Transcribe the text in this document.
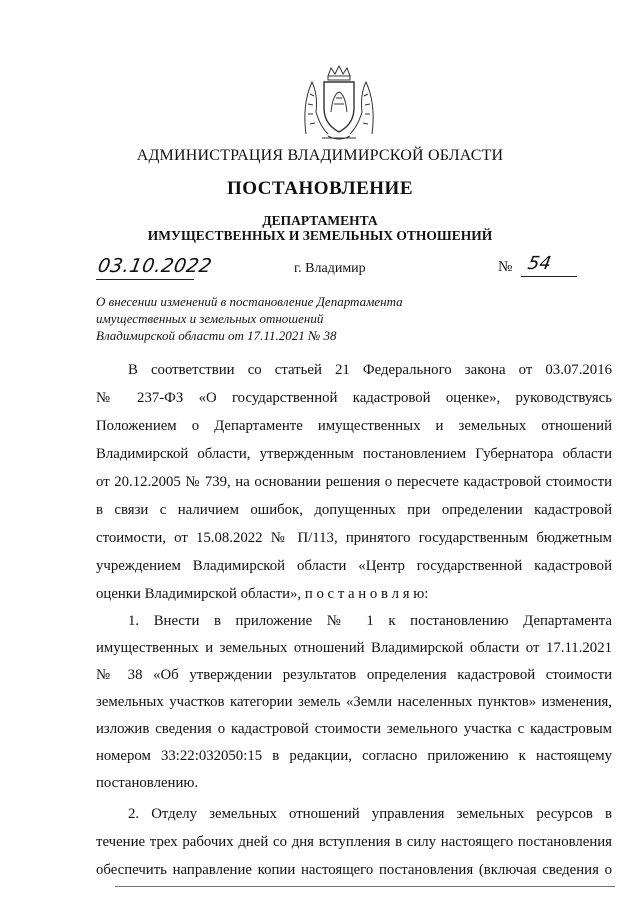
АДМИНИСТРАЦИЯ ВЛАДИМИРСКОЙ ОБЛАСТИ
ПОСТАНОВЛЕНИЕ
ДЕПАРТАМЕНТА
ИМУЩЕСТВЕННЫХ И ЗЕМЕЛЬНЫХ ОТНОШЕНИЙ
03.10.2022	г. Владимир	№ 54
О внесении изменений в постановление Департамента
имущественных и земельных отношений
Владимирской области от 17.11.2021 № 38
В соответствии со статьей 21 Федерального закона от 03.07.2016
№ 237-ФЗ «О государственной кадастровой оценке», руководствуясь
Положением о Департаменте имущественных и земельных отношений
Владимирской области, утвержденным постановлением Губернатора области
от 20.12.2005 № 739, на основании решения о пересчете кадастровой стоимости
в связи с наличием ошибок, допущенных при определении кадастровой
стоимости, от 15.08.2022 № П/113, принятого государственным бюджетным
учреждением Владимирской области «Центр государственной кадастровой
оценки Владимирской области», п о с т а н о в л я ю:
1. Внести в приложение № 1 к постановлению Департамента
имущественных и земельных отношений Владимирской области от 17.11.2021
№ 38 «Об утверждении результатов определения кадастровой стоимости
земельных участков категории земель «Земли населенных пунктов» изменения,
изложив сведения о кадастровой стоимости земельного участка с кадастровым
номером 33:22:032050:15 в редакции, согласно приложению к настоящему
постановлению.
2. Отделу земельных отношений управления земельных ресурсов в
течение трех рабочих дней со дня вступления в силу настоящего постановления
обеспечить направление копии настоящего постановления (включая сведения о
